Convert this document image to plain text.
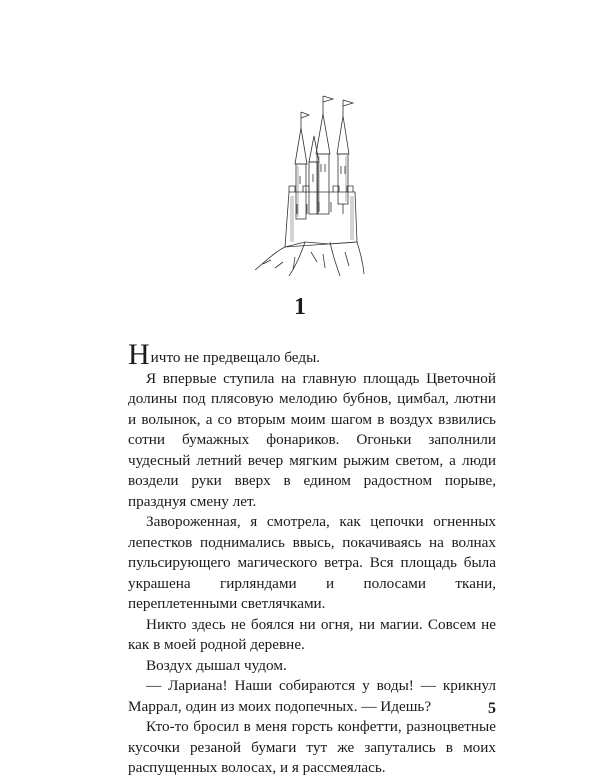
1

Ничто не предвещало беды.

Я впервые ступила на главную площадь Цветочной долины под плясовую мелодию бубнов, цимбал, лютни и волынок, а со вторым моим шагом в воздух взвились сотни бумажных фонариков. Огоньки заполнили чудесный летний вечер мягким рыжим светом, а люди воздели руки вверх в едином радостном порыве, празднуя смену лет.

Завороженная, я смотрела, как цепочки огненных лепестков поднимались ввысь, покачиваясь на волнах пульсирующего магического ветра. Вся площадь была украшена гирляндами и полосами ткани, переплетенными светлячками.

Никто здесь не боялся ни огня, ни магии. Совсем не как в моей родной деревне.

Воздух дышал чудом.

— Лариана! Наши собираются у воды! — крикнул Маррал, один из моих подопечных. — Идешь?

Кто-то бросил в меня горсть конфетти, разноцветные кусочки резаной бумаги тут же запутались в моих распущенных волосах, и я рассмеялась.

5
